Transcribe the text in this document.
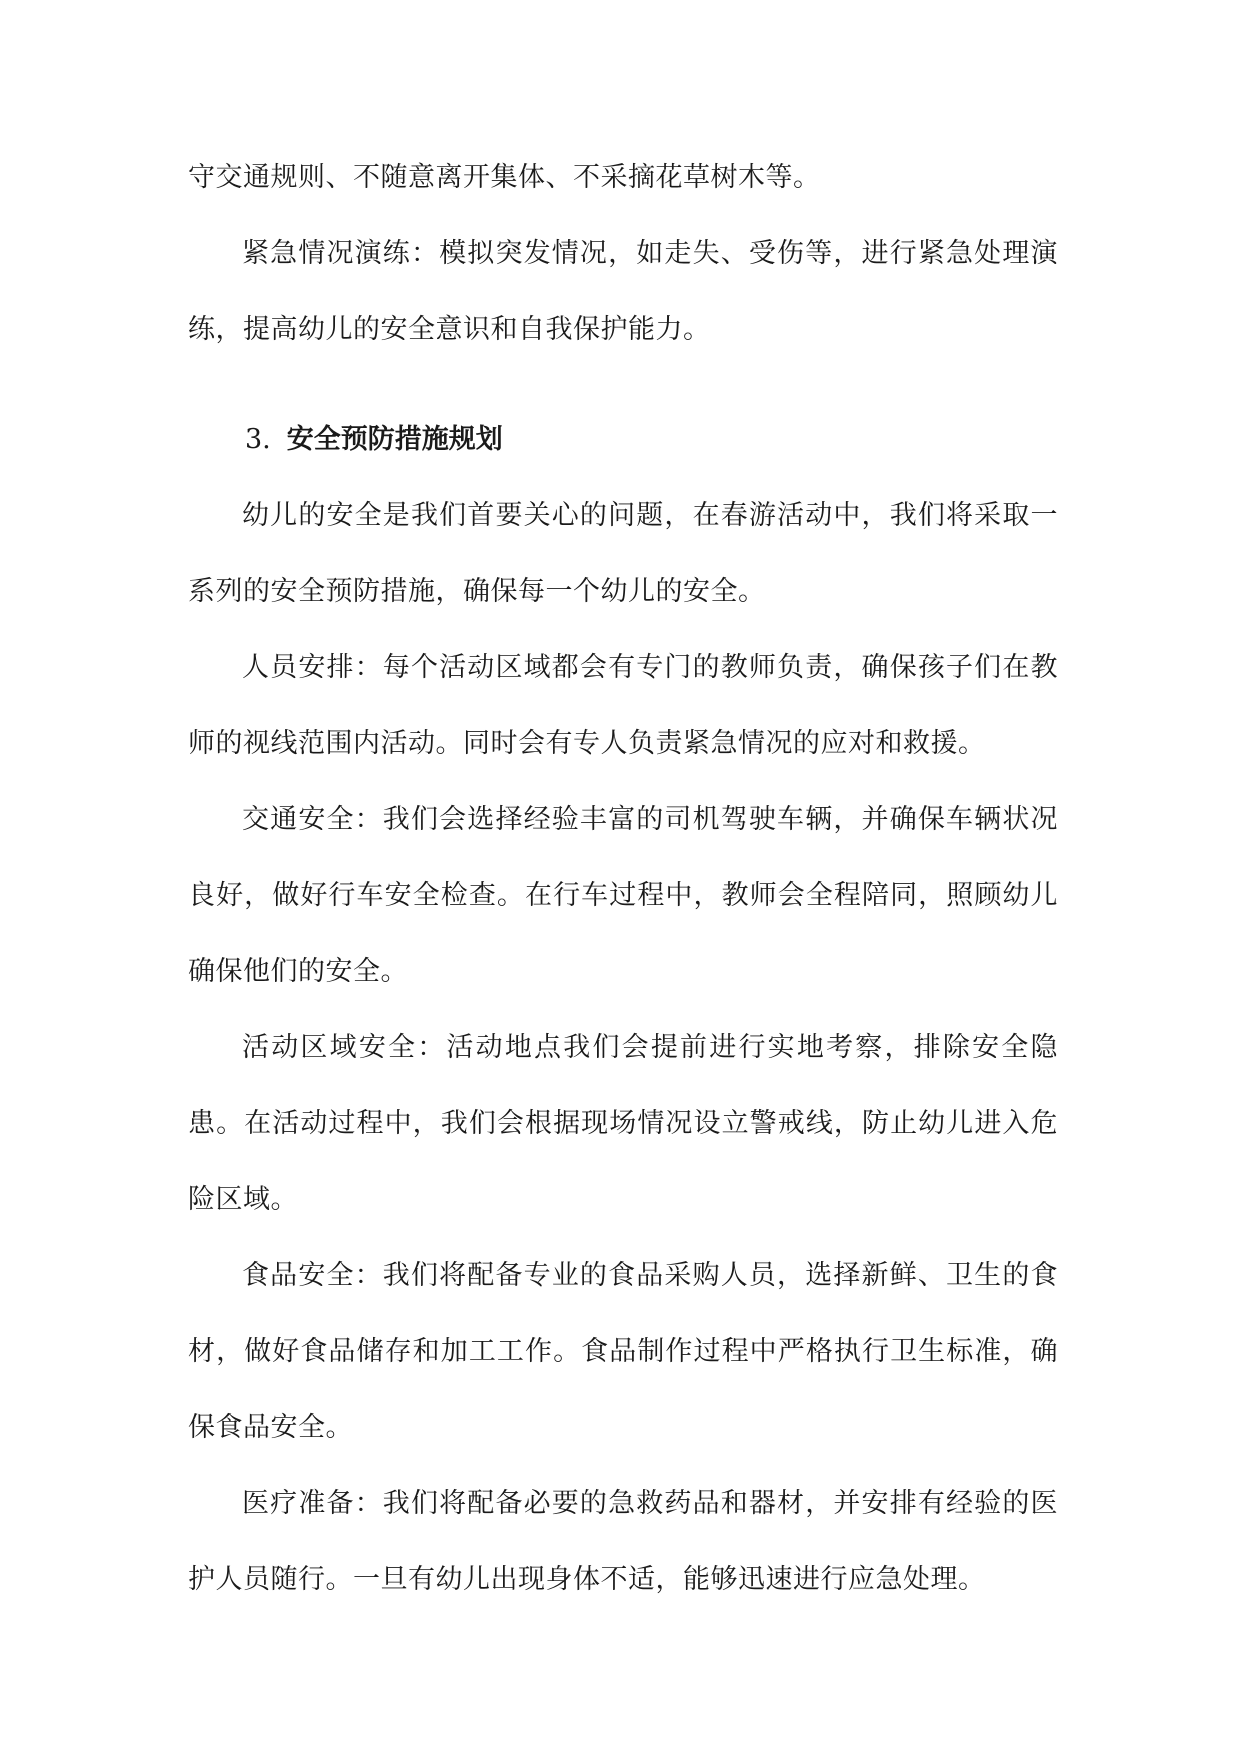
守交通规则、不随意离开集体、不采摘花草树木等。

紧急情况演练：模拟突发情况，如走失、受伤等，进行紧急处理演练，提高幼儿的安全意识和自我保护能力。

3. 安全预防措施规划

幼儿的安全是我们首要关心的问题，在春游活动中，我们将采取一系列的安全预防措施，确保每一个幼儿的安全。

人员安排：每个活动区域都会有专门的教师负责，确保孩子们在教师的视线范围内活动。同时会有专人负责紧急情况的应对和救援。

交通安全：我们会选择经验丰富的司机驾驶车辆，并确保车辆状况良好，做好行车安全检查。在行车过程中，教师会全程陪同，照顾幼儿确保他们的安全。

活动区域安全：活动地点我们会提前进行实地考察，排除安全隐患。在活动过程中，我们会根据现场情况设立警戒线，防止幼儿进入危险区域。

食品安全：我们将配备专业的食品采购人员，选择新鲜、卫生的食材，做好食品储存和加工工作。食品制作过程中严格执行卫生标准，确保食品安全。

医疗准备：我们将配备必要的急救药品和器材，并安排有经验的医护人员随行。一旦有幼儿出现身体不适，能够迅速进行应急处理。
